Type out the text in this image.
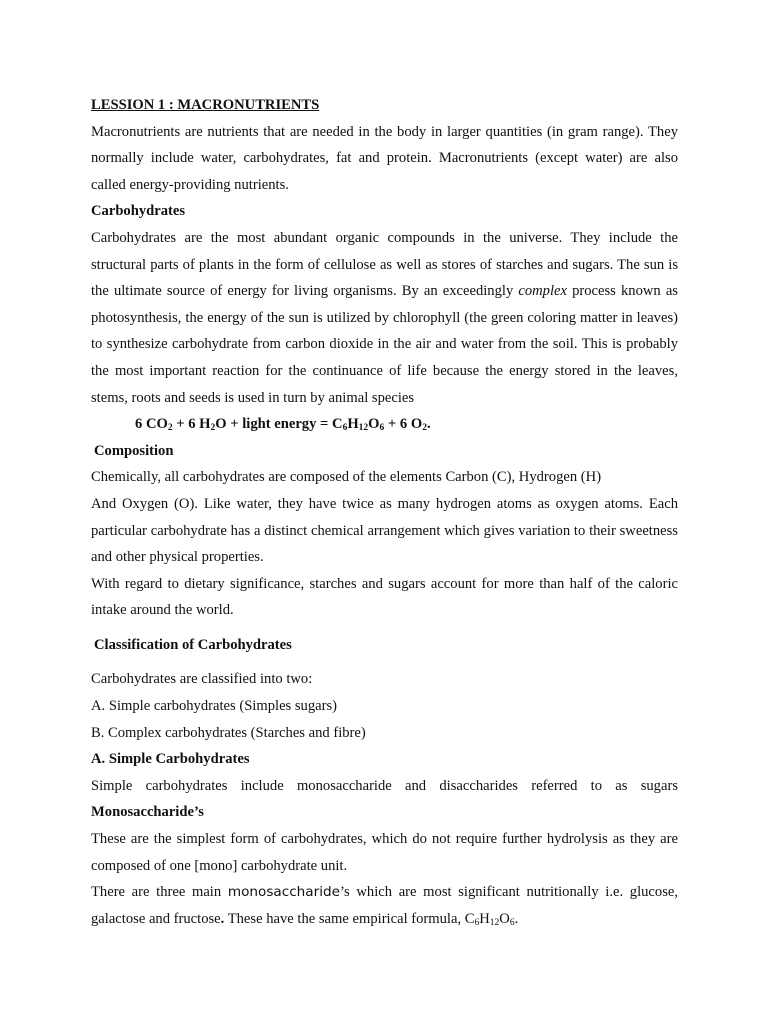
LESSION 1 : MACRONUTRIENTS

Macronutrients are nutrients that are needed in the body in larger quantities (in gram range). They normally include water, carbohydrates, fat and protein. Macronutrients (except water) are also called energy-providing nutrients.

Carbohydrates

Carbohydrates are the most abundant organic compounds in the universe. They include the structural parts of plants in the form of cellulose as well as stores of starches and sugars. The sun is the ultimate source of energy for living organisms. By an exceedingly complex process known as photosynthesis, the energy of the sun is utilized by chlorophyll (the green coloring matter in leaves) to synthesize carbohydrate from carbon dioxide in the air and water from the soil. This is probably the most important reaction for the continuance of life because the energy stored in the leaves, stems, roots and seeds is used in turn by animal species

6 $CO_2 + 6$ $H_2O$ + light energy = $C_6H_{12}O_6 + 6$ $O_2$.

Composition

Chemically, all carbohydrates are composed of the elements Carbon (C), Hydrogen (H)

And Oxygen (O). Like water, they have twice as many hydrogen atoms as oxygen atoms. Each particular carbohydrate has a distinct chemical arrangement which gives variation to their sweetness and other physical properties.

With regard to dietary significance, starches and sugars account for more than half of the caloric intake around the world.

Classification of Carbohydrates

Carbohydrates are classified into two:

A. Simple carbohydrates (Simples sugars)

B. Complex carbohydrates (Starches and fibre)

A. Simple Carbohydrates

Simple carbohydrates include monosaccharide and disaccharides referred to as sugars

Monosaccharide’s

These are the simplest form of carbohydrates, which do not require further hydrolysis as they are composed of one [mono] carbohydrate unit.

There are three main monosaccharide’s which are most significant nutritionally i.e. glucose, galactose and fructose. These have the same empirical formula, $C_6H_{12}O_6$.
